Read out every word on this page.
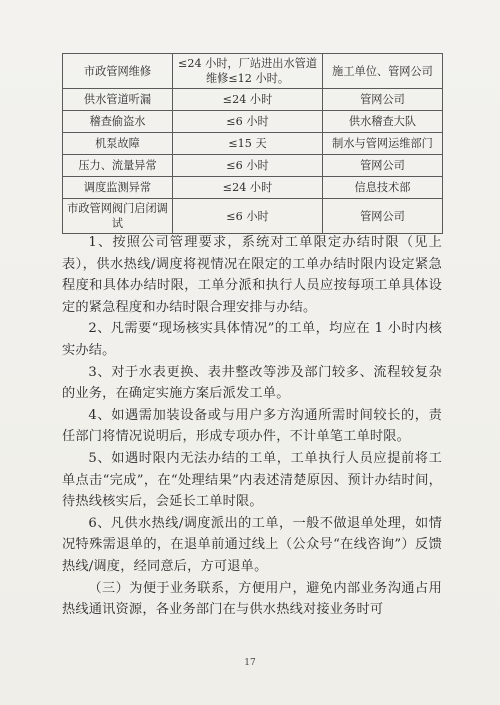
市政管网维修	≤24 小时，厂站进出水管道维修≤12 小时。	施工单位、管网公司
供水管道听漏	≤24 小时	管网公司
稽查偷盗水	≤6 小时	供水稽查大队
机泵故障	≤15 天	制水与管网运维部门
压力、流量异常	≤6 小时	管网公司
调度监测异常	≤24 小时	信息技术部
市政管网阀门启闭调试	≤6 小时	管网公司

1、按照公司管理要求，系统对工单限定办结时限（见上表），供水热线/调度将视情况在限定的工单办结时限内设定紧急程度和具体办结时限，工单分派和执行人员应按每项工单具体设定的紧急程度和办结时限合理安排与办结。

2、凡需要“现场核实具体情况”的工单，均应在 1 小时内核实办结。

3、对于水表更换、表井整改等涉及部门较多、流程较复杂的业务，在确定实施方案后派发工单。

4、如遇需加装设备或与用户多方沟通所需时间较长的，责任部门将情况说明后，形成专项办件，不计单笔工单时限。

5、如遇时限内无法办结的工单，工单执行人员应提前将工单点击“完成”，在“处理结果”内表述清楚原因、预计办结时间，待热线核实后，会延长工单时限。

6、凡供水热线/调度派出的工单，一般不做退单处理，如情况特殊需退单的，在退单前通过线上（公众号“在线咨询”）反馈热线/调度，经同意后，方可退单。

（三）为便于业务联系，方便用户，避免内部业务沟通占用热线通讯资源，各业务部门在与供水热线对接业务时可

17
